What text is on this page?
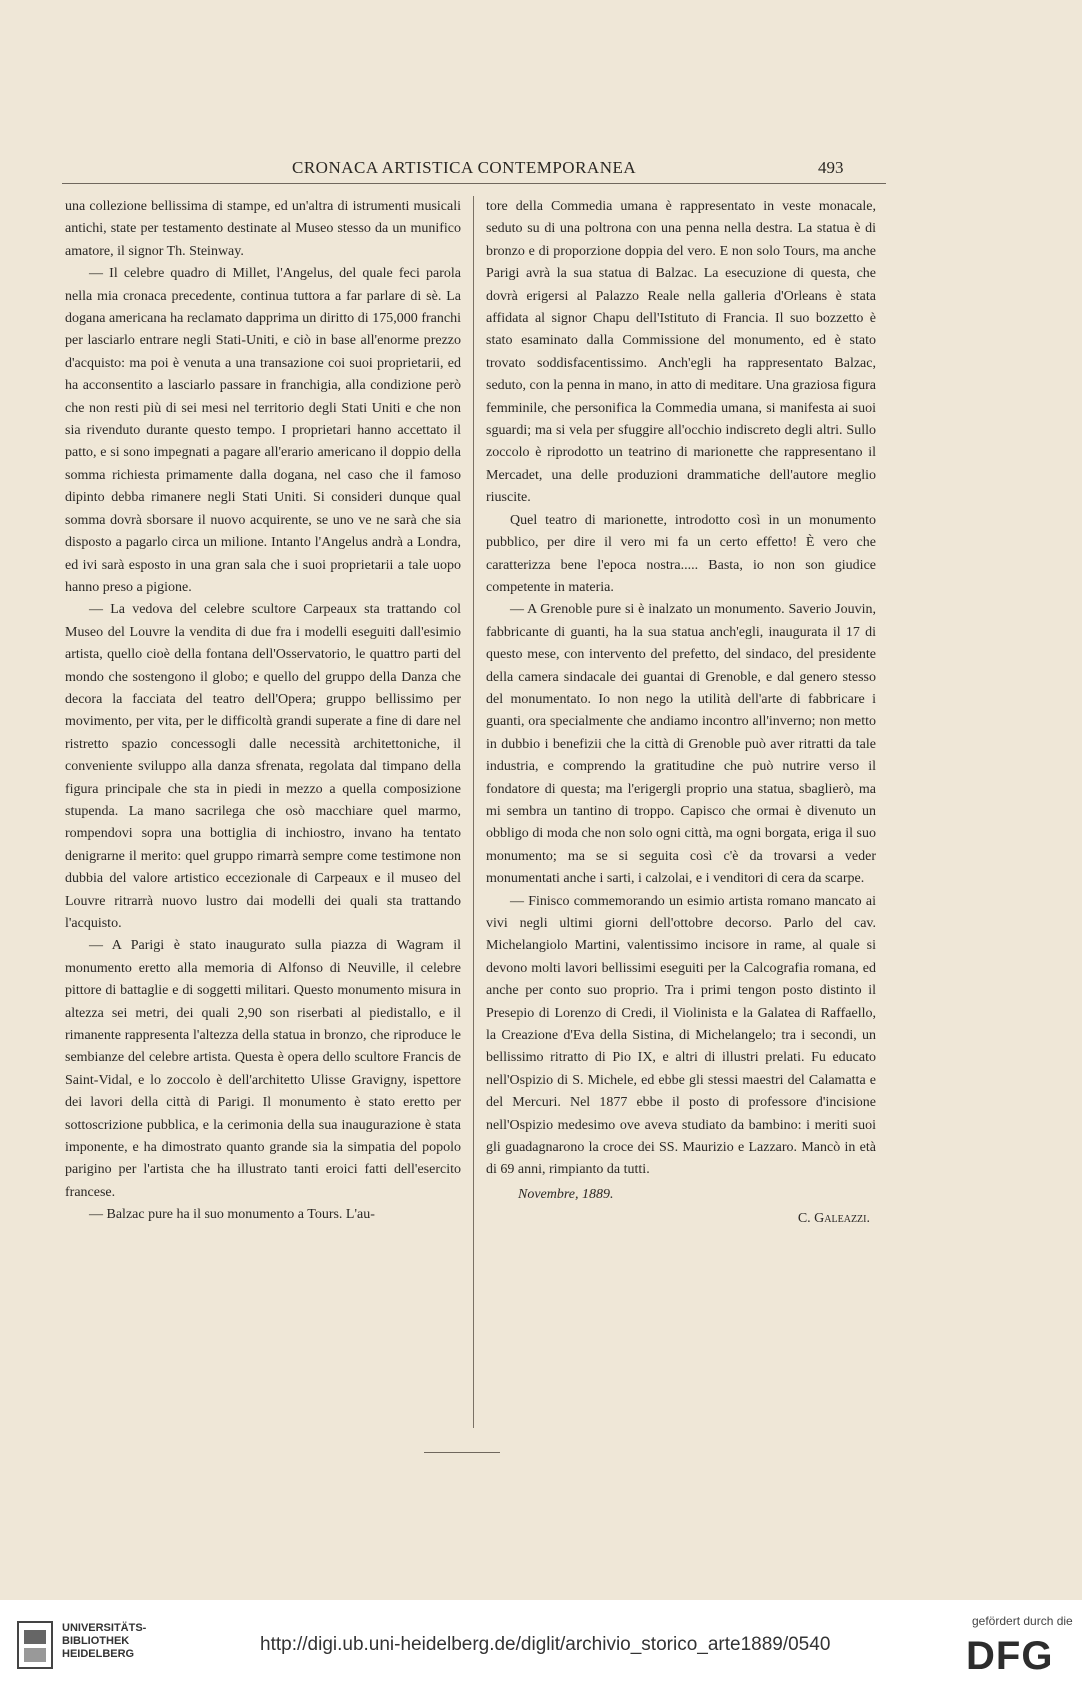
CRONACA ARTISTICA CONTEMPORANEA	493

una collezione bellissima di stampe, ed un'altra di istrumenti musicali antichi, state per testamento destinate al Museo stesso da un munifico amatore, il signor Th. Steinway.

— Il celebre quadro di Millet, l'Angelus, del quale feci parola nella mia cronaca precedente, continua tuttora a far parlare di sè. La dogana americana ha reclamato dapprima un diritto di 175,000 franchi per lasciarlo entrare negli Stati-Uniti, e ciò in base all'enorme prezzo d'acquisto: ma poi è venuta a una transazione coi suoi proprietarii, ed ha acconsentito a lasciarlo passare in franchigia, alla condizione però che non resti più di sei mesi nel territorio degli Stati Uniti e che non sia rivenduto durante questo tempo. I proprietari hanno accettato il patto, e si sono impegnati a pagare all'erario americano il doppio della somma richiesta primamente dalla dogana, nel caso che il famoso dipinto debba rimanere negli Stati Uniti. Si consideri dunque qual somma dovrà sborsare il nuovo acquirente, se uno ve ne sarà che sia disposto a pagarlo circa un milione. Intanto l'Angelus andrà a Londra, ed ivi sarà esposto in una gran sala che i suoi proprietarii a tale uopo hanno preso a pigione.

— La vedova del celebre scultore Carpeaux sta trattando col Museo del Louvre la vendita di due fra i modelli eseguiti dall'esimio artista, quello cioè della fontana dell'Osservatorio, le quattro parti del mondo che sostengono il globo; e quello del gruppo della Danza che decora la facciata del teatro dell'Opera; gruppo bellissimo per movimento, per vita, per le difficoltà grandi superate a fine di dare nel ristretto spazio concessogli dalle necessità architettoniche, il conveniente sviluppo alla danza sfrenata, regolata dal timpano della figura principale che sta in piedi in mezzo a quella composizione stupenda. La mano sacrilega che osò macchiare quel marmo, rompendovi sopra una bottiglia di inchiostro, invano ha tentato denigrarne il merito: quel gruppo rimarrà sempre come testimone non dubbia del valore artistico eccezionale di Carpeaux e il museo del Louvre ritrarrà nuovo lustro dai modelli dei quali sta trattando l'acquisto.

— A Parigi è stato inaugurato sulla piazza di Wagram il monumento eretto alla memoria di Alfonso di Neuville, il celebre pittore di battaglie e di soggetti militari. Questo monumento misura in altezza sei metri, dei quali 2,90 son riserbati al piedistallo, e il rimanente rappresenta l'altezza della statua in bronzo, che riproduce le sembianze del celebre artista. Questa è opera dello scultore Francis de Saint-Vidal, e lo zoccolo è dell'architetto Ulisse Gravigny, ispettore dei lavori della città di Parigi. Il monumento è stato eretto per sottoscrizione pubblica, e la cerimonia della sua inaugurazione è stata imponente, e ha dimostrato quanto grande sia la simpatia del popolo parigino per l'artista che ha illustrato tanti eroici fatti dell'esercito francese.

— Balzac pure ha il suo monumento a Tours. L'au-

tore della Commedia umana è rappresentato in veste monacale, seduto su di una poltrona con una penna nella destra. La statua è di bronzo e di proporzione doppia del vero. E non solo Tours, ma anche Parigi avrà la sua statua di Balzac. La esecuzione di questa, che dovrà erigersi al Palazzo Reale nella galleria d'Orleans è stata affidata al signor Chapu dell'Istituto di Francia. Il suo bozzetto è stato esaminato dalla Commissione del monumento, ed è stato trovato soddisfacentissimo. Anch'egli ha rappresentato Balzac, seduto, con la penna in mano, in atto di meditare. Una graziosa figura femminile, che personifica la Commedia umana, si manifesta ai suoi sguardi; ma si vela per sfuggire all'occhio indiscreto degli altri. Sullo zoccolo è riprodotto un teatrino di marionette che rappresentano il Mercadet, una delle produzioni drammatiche dell'autore meglio riuscite.

Quel teatro di marionette, introdotto così in un monumento pubblico, per dire il vero mi fa un certo effetto! È vero che caratterizza bene l'epoca nostra..... Basta, io non son giudice competente in materia.

— A Grenoble pure si è inalzato un monumento. Saverio Jouvin, fabbricante di guanti, ha la sua statua anch'egli, inaugurata il 17 di questo mese, con intervento del prefetto, del sindaco, del presidente della camera sindacale dei guantai di Grenoble, e dal genero stesso del monumentato. Io non nego la utilità dell'arte di fabbricare i guanti, ora specialmente che andiamo incontro all'inverno; non metto in dubbio i benefizii che la città di Grenoble può aver ritratti da tale industria, e comprendo la gratitudine che può nutrire verso il fondatore di questa; ma l'erigergli proprio una statua, sbaglierò, ma mi sembra un tantino di troppo. Capisco che ormai è divenuto un obbligo di moda che non solo ogni città, ma ogni borgata, eriga il suo monumento; ma se si seguita così c'è da trovarsi a veder monumentati anche i sarti, i calzolai, e i venditori di cera da scarpe.

— Finisco commemorando un esimio artista romano mancato ai vivi negli ultimi giorni dell'ottobre decorso. Parlo del cav. Michelangiolo Martini, valentissimo incisore in rame, al quale si devono molti lavori bellissimi eseguiti per la Calcografia romana, ed anche per conto suo proprio. Tra i primi tengon posto distinto il Presepio di Lorenzo di Credi, il Violinista e la Galatea di Raffaello, la Creazione d'Eva della Sistina, di Michelangelo; tra i secondi, un bellissimo ritratto di Pio IX, e altri di illustri prelati. Fu educato nell'Ospizio di S. Michele, ed ebbe gli stessi maestri del Calamatta e del Mercuri. Nel 1877 ebbe il posto di professore d'incisione nell'Ospizio medesimo ove aveva studiato da bambino: i meriti suoi gli guadagnarono la croce dei SS. Maurizio e Lazzaro. Mancò in età di 69 anni, rimpianto da tutti.

Novembre, 1889.
C. Galeazzi.
UNIVERSITÄTS-
BIBLIOTHEK
HEIDELBERG	http://digi.ub.uni-heidelberg.de/diglit/archivio_storico_arte1889/0540
gefördert durch die
DFG
